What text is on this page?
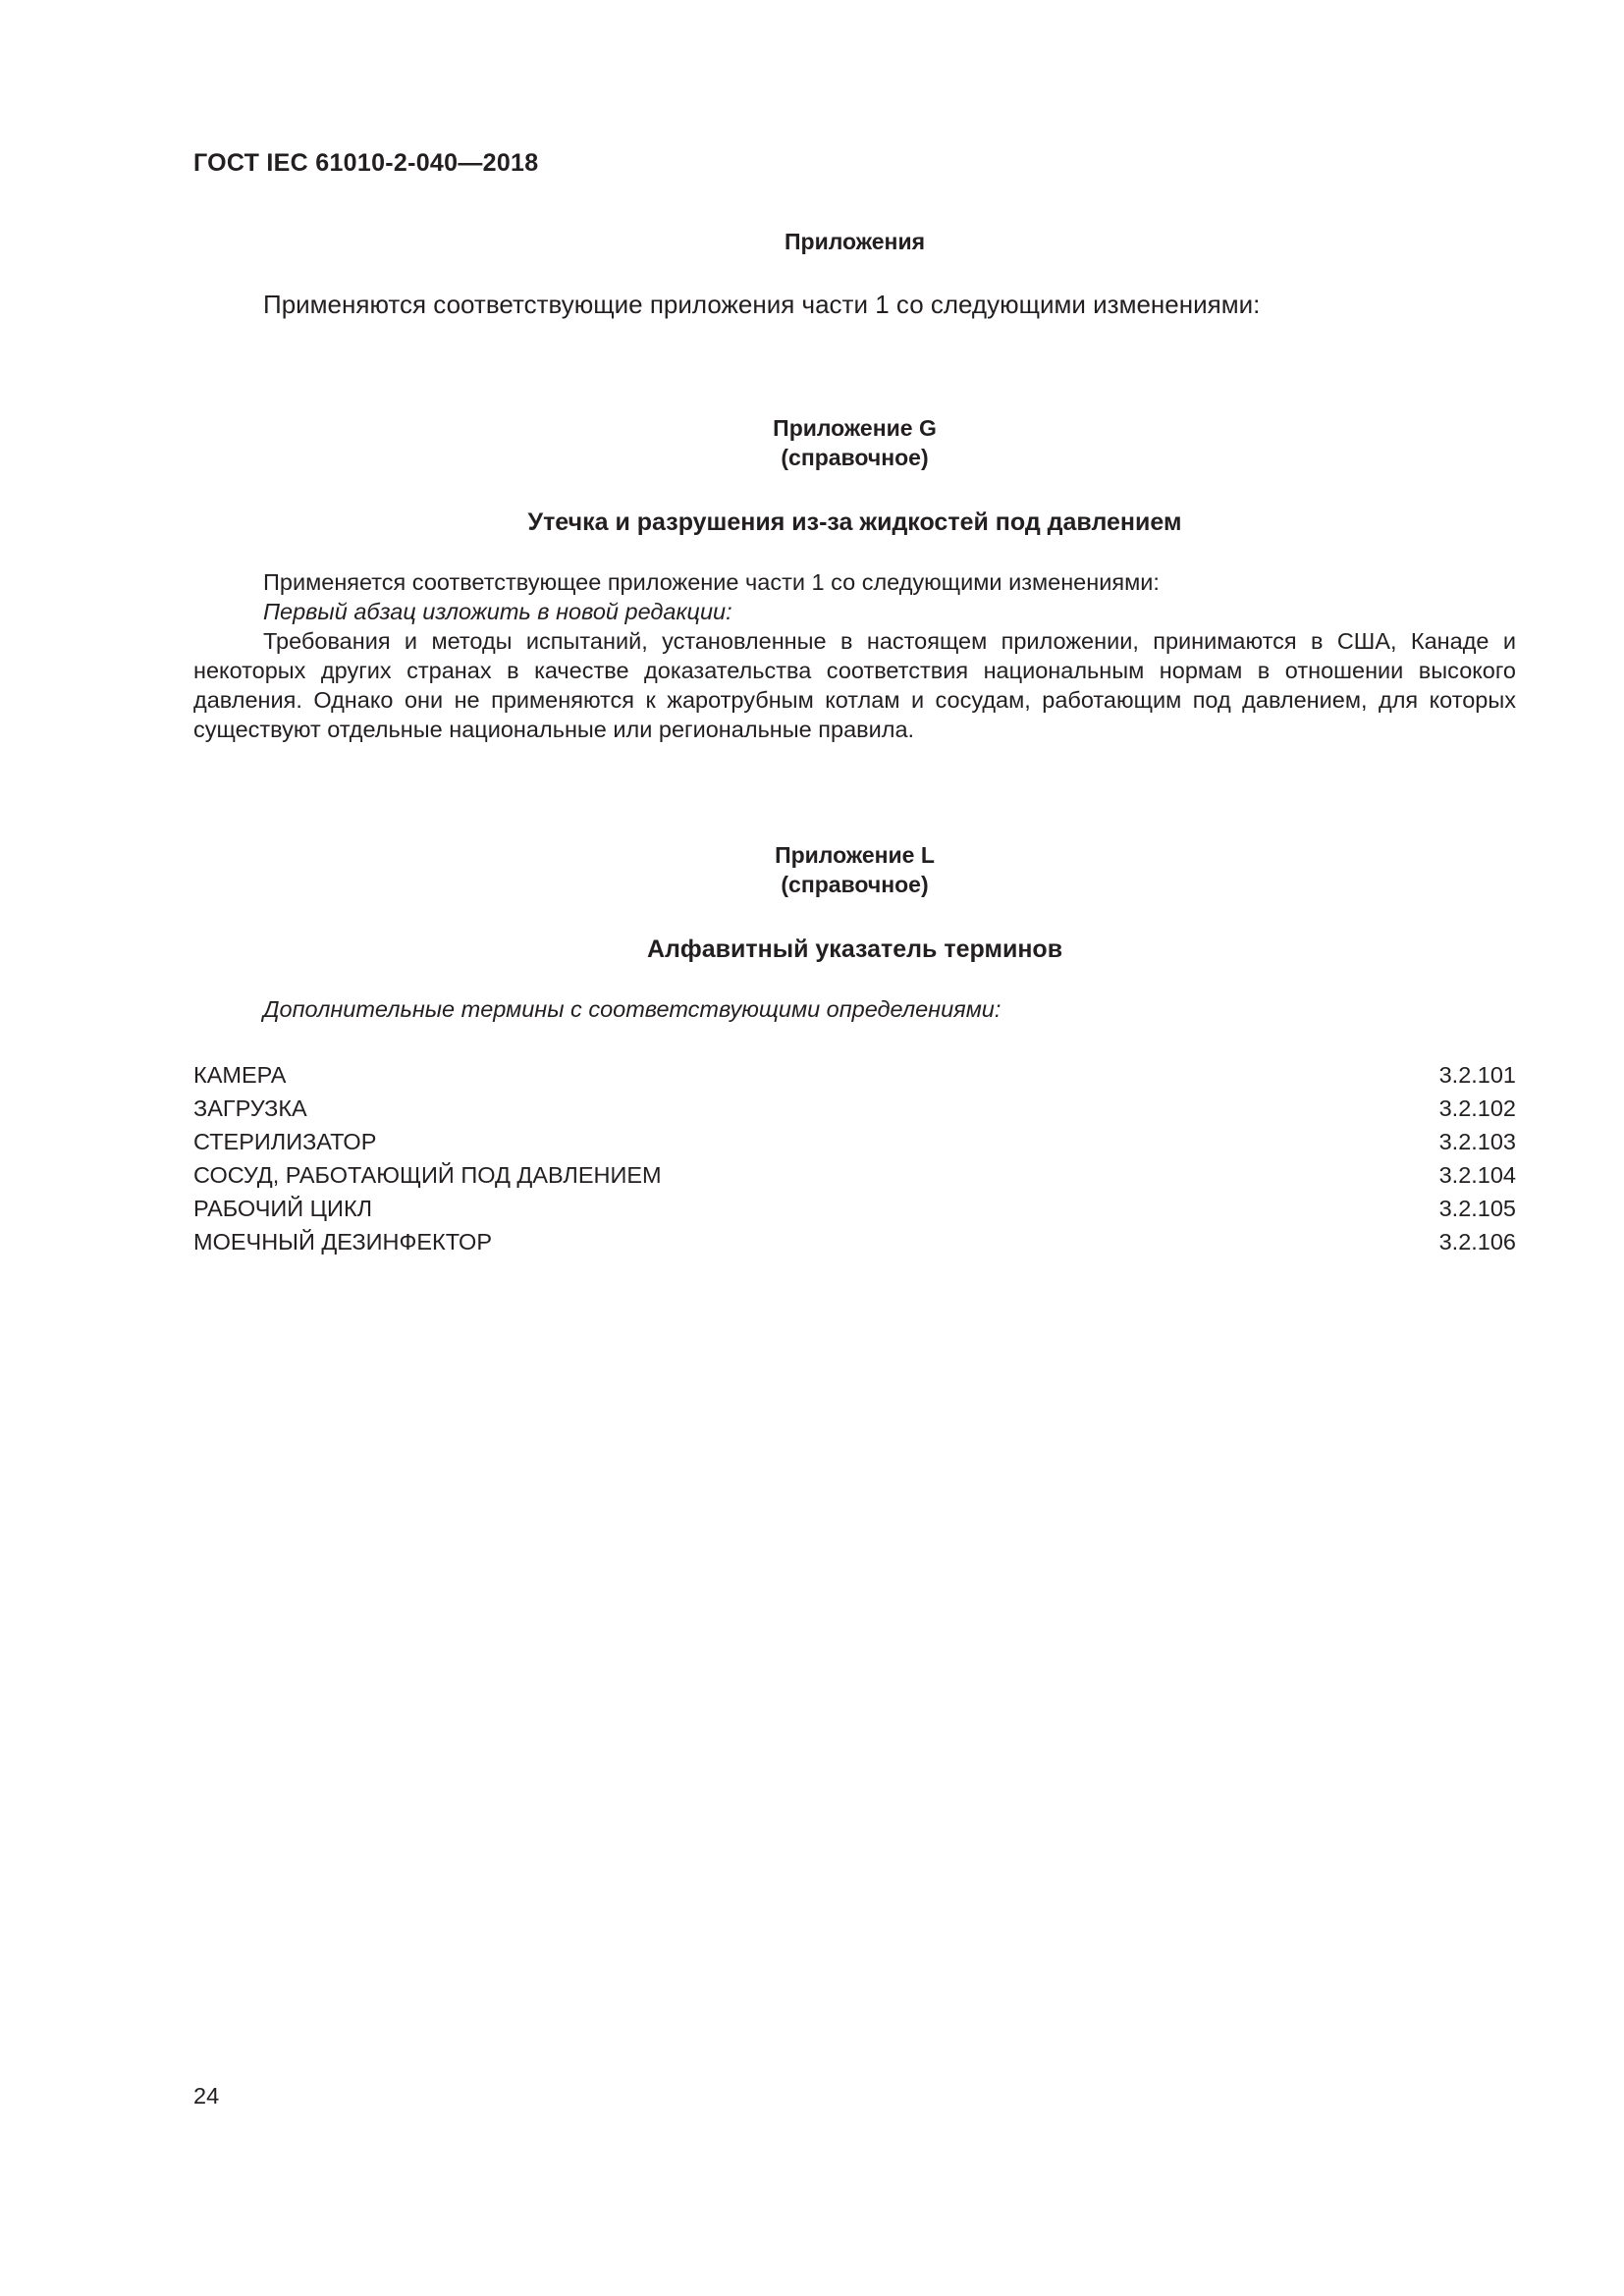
ГОСТ IEC 61010-2-040—2018
Приложения
Применяются соответствующие приложения части 1 со следующими изменениями:
Приложение G
(справочное)
Утечка и разрушения из-за жидкостей под давлением
Применяется соответствующее приложение части 1 со следующими изменениями:
Первый абзац изложить в новой редакции:
Требования и методы испытаний, установленные в настоящем приложении, принимаются в США, Канаде и некоторых других странах в качестве доказательства соответствия национальным нормам в отношении высокого давления. Однако они не применяются к жаротрубным котлам и сосудам, работающим под давлением, для которых существуют отдельные национальные или региональные правила.
Приложение L
(справочное)
Алфавитный указатель терминов
Дополнительные термины с соответствующими определениями:
КАМЕРА	3.2.101
ЗАГРУЗКА	3.2.102
СТЕРИЛИЗАТОР	3.2.103
СОСУД, РАБОТАЮЩИЙ ПОД ДАВЛЕНИЕМ	3.2.104
РАБОЧИЙ ЦИКЛ	3.2.105
МОЕЧНЫЙ ДЕЗИНФЕКТОР	3.2.106
24
